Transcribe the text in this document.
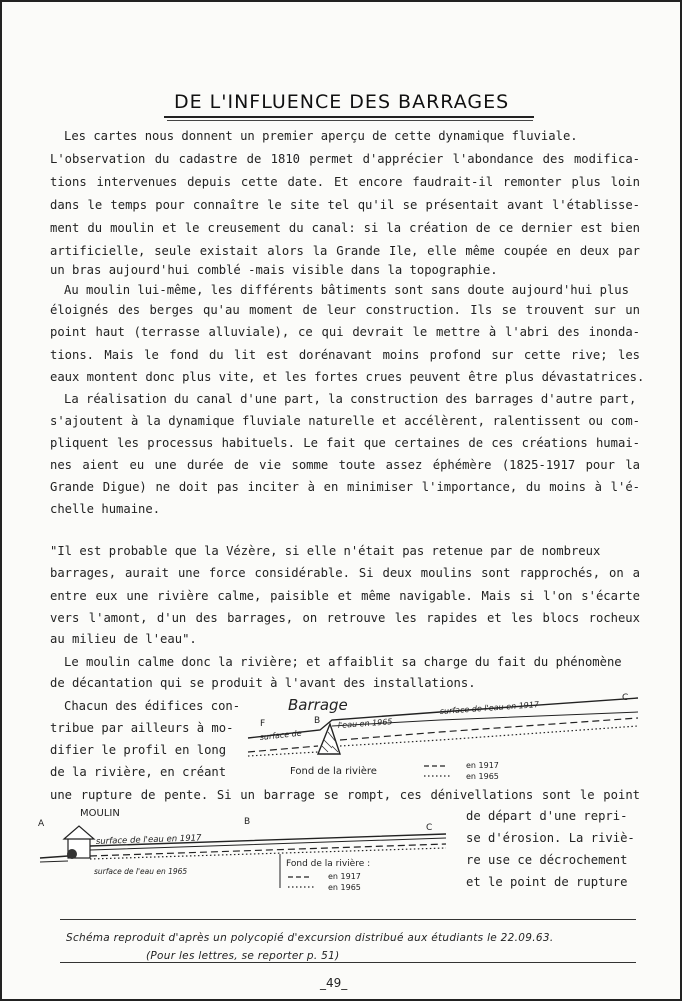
DE L'INFLUENCE DES BARRAGES
Les cartes nous donnent un premier aperçu de cette dynamique fluviale.
L'observation du cadastre de 1810 permet d'apprécier l'abondance des modifica-
tions intervenues depuis cette date. Et encore faudrait-il remonter plus loin
dans le temps pour connaître le site tel qu'il se présentait avant l'établisse-
ment du moulin et le creusement du canal: si la création de ce dernier est bien
artificielle, seule existait alors la Grande Ile, elle même coupée en deux par
un bras aujourd'hui comblé -mais visible dans la topographie.
Au moulin lui-même, les différents bâtiments sont sans doute aujourd'hui plus
éloignés des berges qu'au moment de leur construction. Ils se trouvent sur un
point haut (terrasse alluviale), ce qui devrait le mettre à l'abri des inonda-
tions. Mais le fond du lit est dorénavant moins profond sur cette rive; les
eaux montent donc plus vite, et les fortes crues peuvent être plus dévastatrices.
La réalisation du canal d'une part, la construction des barrages d'autre part,
s'ajoutent à la dynamique fluviale naturelle et accélèrent, ralentissent ou com-
pliquent les processus habituels. Le fait que certaines de ces créations humai-
nes aient eu une durée de vie somme toute assez éphémère (1825-1917 pour la
Grande Digue) ne doit pas inciter à en minimiser l'importance, du moins à l'é-
chelle humaine.
"Il est probable que la Vézère, si elle n'était pas retenue par de nombreux
barrages, aurait une force considérable. Si deux moulins sont rapprochés, on a
entre eux une rivière calme, paisible et même navigable. Mais si l'on s'écarte
vers l'amont, d'un des barrages, on retrouve les rapides et les blocs rocheux
au milieu de l'eau".
Le moulin calme donc la rivière; et affaiblit sa charge du fait du phénomène
de décantation qui se produit à l'avant des installations.
Chacun des édifices con-
tribue par ailleurs à mo-
difier le profil en long
de la rivière, en créant
une rupture de pente. Si un barrage se rompt, ces dénivellations sont le point
de départ d'une repri-
se d'érosion. La riviè-
re use ce décrochement
et le point de rupture
Barrage
F	B
C
surface de l'eau en 1917
l'eau en 1965
surface de
Fond de la rivière
en 1917
en 1965
MOULIN
A	B
C
surface de l'eau en 1917
surface de l'eau en 1965
Fond de la rivière :
en 1917
en 1965
Schéma reproduit d'après un polycopié d'excursion distribué aux étudiants le 22.09.63.
(Pour les lettres, se reporter p. 51)
_49_
